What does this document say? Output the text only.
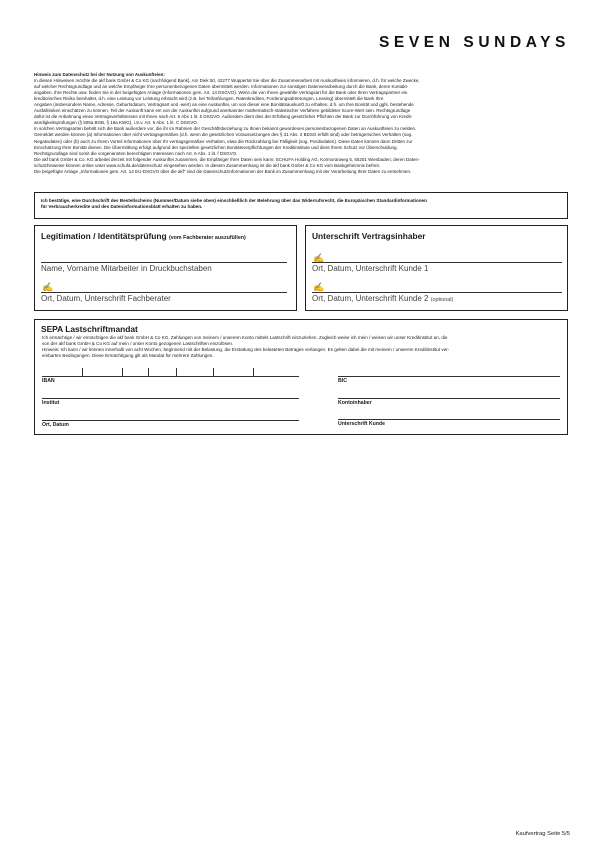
SEVEN SUNDAYS
Hinweis zum Datenschutz bei der Nutzung von Auskunfteien:
In diesen Hinweisen möchte die akf bank GmbH & Co KG (nachfolgend Bank), Am Diek 50, 42277 Wuppertal Sie über die Zusammenarbeit mit Auskunfteien informieren, d.h. für welche Zwecke,
auf welcher Rechtsgrundlage und an welche Empfänger Ihre personenbezogenen Daten übermittelt werden. Informationen zur sonstigen Datenverarbeitung durch die Bank, deren Kontakt-
angaben, Ihre Rechte usw. finden Sie in der beigefügten Anlage (Informationen gem. Art. 14 DSGVO). Wenn die von Ihnen gewählte Vertragsart für die Bank oder Ihren Vertragspartner ein
kreditorisches Risiko beinhaltet, d.h. eine Leistung vor Leistung erbracht wird (z.B. bei Teilzahlungen, Ratenkrediten, Forderungsabtretungen, Leasing) übermittelt die Bank Ihre
Angaben (insbesondere Name, Adresse, Geburtsdatum, Vertragsart und -wert) an eine Auskunftei, um von dieser eine Bonitätsauskunft zu erhalten, d.h. um Ihre Bonität und ggfs. bestehende
Ausfallrisiken einschätzen zu können. Teil der Auskunft kann ein von der Auskunftei aufgrund anerkannter mathematisch-statistischer Verfahren gebildeter Score-Wert sein. Rechtsgrundlage
dafür ist die Anbahnung eines Vertragsverhältnisses mit Ihnen nach Art. 6 Abs 1 lit. b DSGVO. Außerdem dient dies der Erfüllung gesetzlicher Pflichten der Bank zur Durchführung von Kredit-
würdigkeitsprüfungen (§ 505a BGB, § 18a KWG), i.S.v. Art. 6 Abs. 1 lit. C DSGVO.
In solchen Vertragsarten behält sich die Bank außerdem vor, die ihr im Rahmen der Geschäftsbeziehung zu Ihnen bekannt gewordenen personenbezogenen Daten an Auskunfteien zu melden.
Gemeldet werden können (a) Informationen über nicht vertragsgemäßes (d.h. wenn die gesetzlichen Voraussetzungen des § 31 Abs. 2 BDSG erfüllt sind) oder betrügerisches Verhalten (sog.
Negativdaten) oder (b) auch zu Ihrem Vorteil Informationen über Ihr vertragsgemäßes Verhalten, etwa die Rückzahlung bei Fälligkeit (sog. Positivdaten). Diese Daten können dann Dritten zur
Einschätzung Ihrer Bonität dienen. Die Übermittlung erfolgt aufgrund der speziellen gesetzlichen Bonitätsverpflichtungen der Kreditinstitute und dient Ihrem Schutz vor Überschuldung.
Rechtsgrundlage sind somit die vorgenannten berechtigten Interessen nach Art. 6 Abs. 1 lit. f DSGVO.
Die akf bank GmbH & Co. KG arbeitet derzeit mit folgender Auskunftei zusammen, die Empfänger Ihrer Daten sein kann: SCHUFA Holding AG, Kormoranweg 5, 65201 Wiesbaden; deren Daten-
schutzhinweise können online unter www.schufa.de/datenschutz eingesehen werden. In diesem Zusammenhang ist die akf bank GmbH & Co KG vom Bankgeheimnis befreit.
Die beigefügte Anlage „Informationen gem. Art. 14 EU-DSGVO über die akf“ sind die Datenschutzinformationen der Bank im Zusammenhang mit der Verarbeitung Ihrer Daten zu entnehmen.
Ich bestätige, eine Durchschrift des Bestellscheins (Nummer/Datum siehe oben) einschließlich der Belehrung über das Widerrufsrecht, die Europäischen Standardinformationen
für Verbraucherkredite und des Dateninformationsblatt erhalten zu haben.
Legitimation / Identitätsprüfung (vom Fachberater auszufüllen)
Name, Vorname Mitarbeiter in Druckbuchstaben
✍
Ort, Datum, Unterschrift Fachberater
Unterschrift Vertragsinhaber
✍
Ort, Datum, Unterschrift Kunde 1
✍
Ort, Datum, Unterschrift Kunde 2 (optional)
SEPA Lastschriftmandat
Ich ermächtige / wir ermächtigen die akf bank GmbH & Co KG, Zahlungen von meinem / unserem Konto mittels Lastschrift einzuziehen. Zugleich weise ich mein / weisen wir unser Kreditinstitut an, die
von der akf bank GmbH & Co KG auf mein / unser Konto gezogenen Lastschriften einzulösen.
Hinweis: Ich kann / wir können innerhalb von acht Wochen, beginnend mit der Belastung, die Erstattung des belasteten Betrages verlangen. Es gelten dabei die mit meinem / unserem Kreditinstitut ver-
einbarten Bedingungen. Diese Ermächtigung gilt als Mandat für mehrere Zahlungen.
IBAN	BIC
Institut	Kontoinhaber
Ort, Datum	Unterschrift Kunde
Kaufvertrag Seite 5/5
